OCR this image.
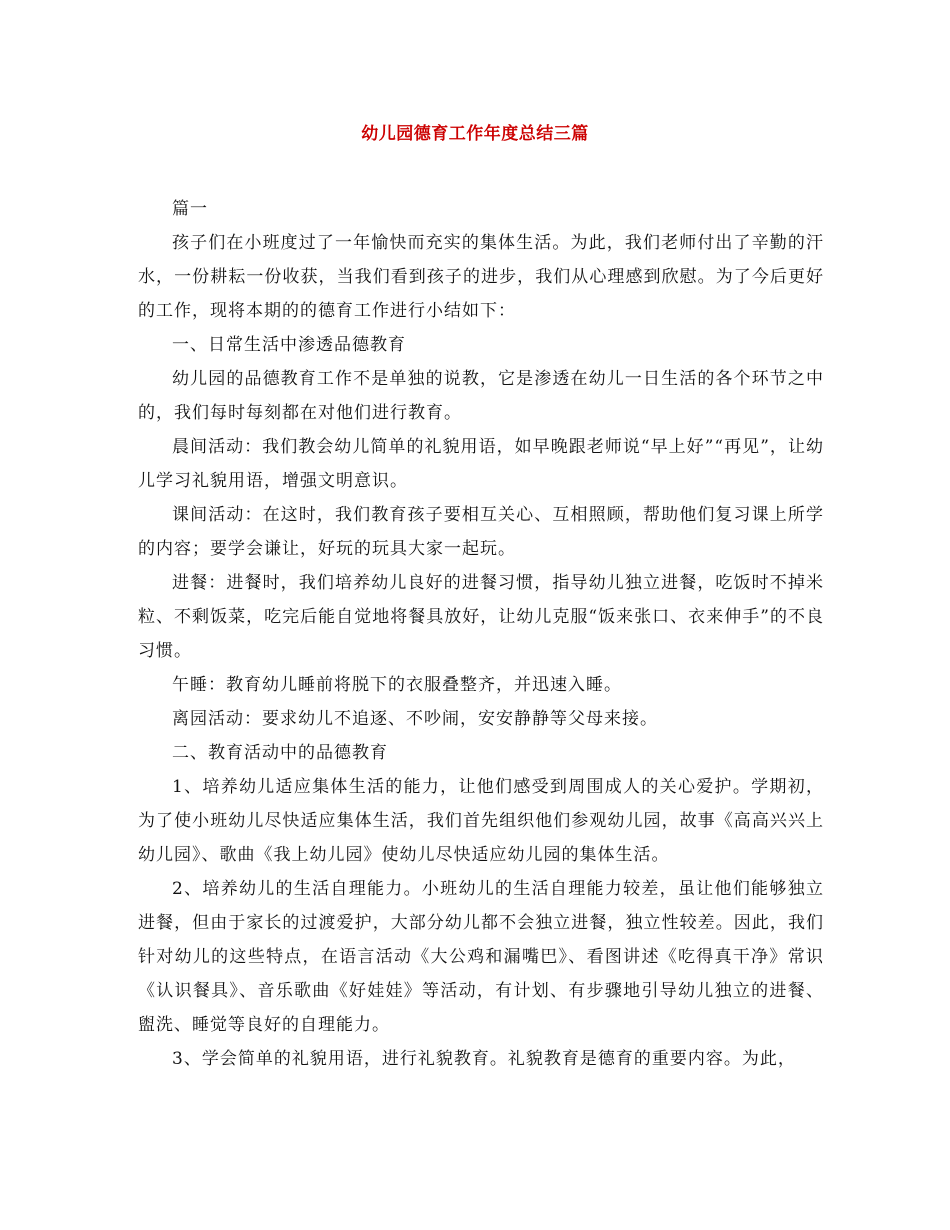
幼儿园德育工作年度总结三篇

篇一

孩子们在小班度过了一年愉快而充实的集体生活。为此，我们老师付出了辛勤的汗水，一份耕耘一份收获，当我们看到孩子的进步，我们从心理感到欣慰。为了今后更好的工作，现将本期的的德育工作进行小结如下：

一、日常生活中渗透品德教育

幼儿园的品德教育工作不是单独的说教，它是渗透在幼儿一日生活的各个环节之中的，我们每时每刻都在对他们进行教育。

晨间活动：我们教会幼儿简单的礼貌用语，如早晚跟老师说“早上好”“再见”，让幼儿学习礼貌用语，增强文明意识。

课间活动：在这时，我们教育孩子要相互关心、互相照顾，帮助他们复习课上所学的内容；要学会谦让，好玩的玩具大家一起玩。

进餐：进餐时，我们培养幼儿良好的进餐习惯，指导幼儿独立进餐，吃饭时不掉米粒、不剩饭菜，吃完后能自觉地将餐具放好，让幼儿克服“饭来张口、衣来伸手”的不良习惯。

午睡：教育幼儿睡前将脱下的衣服叠整齐，并迅速入睡。

离园活动：要求幼儿不追逐、不吵闹，安安静静等父母来接。

二、教育活动中的品德教育

1、培养幼儿适应集体生活的能力，让他们感受到周围成人的关心爱护。学期初，为了使小班幼儿尽快适应集体生活，我们首先组织他们参观幼儿园，故事《高高兴兴上幼儿园》、歌曲《我上幼儿园》使幼儿尽快适应幼儿园的集体生活。

2、培养幼儿的生活自理能力。小班幼儿的生活自理能力较差，虽让他们能够独立进餐，但由于家长的过渡爱护，大部分幼儿都不会独立进餐，独立性较差。因此，我们针对幼儿的这些特点，在语言活动《大公鸡和漏嘴巴》、看图讲述《吃得真干净》常识《认识餐具》、音乐歌曲《好娃娃》等活动，有计划、有步骤地引导幼儿独立的进餐、盥洗、睡觉等良好的自理能力。

3、学会简单的礼貌用语，进行礼貌教育。礼貌教育是德育的重要内容。为此，
